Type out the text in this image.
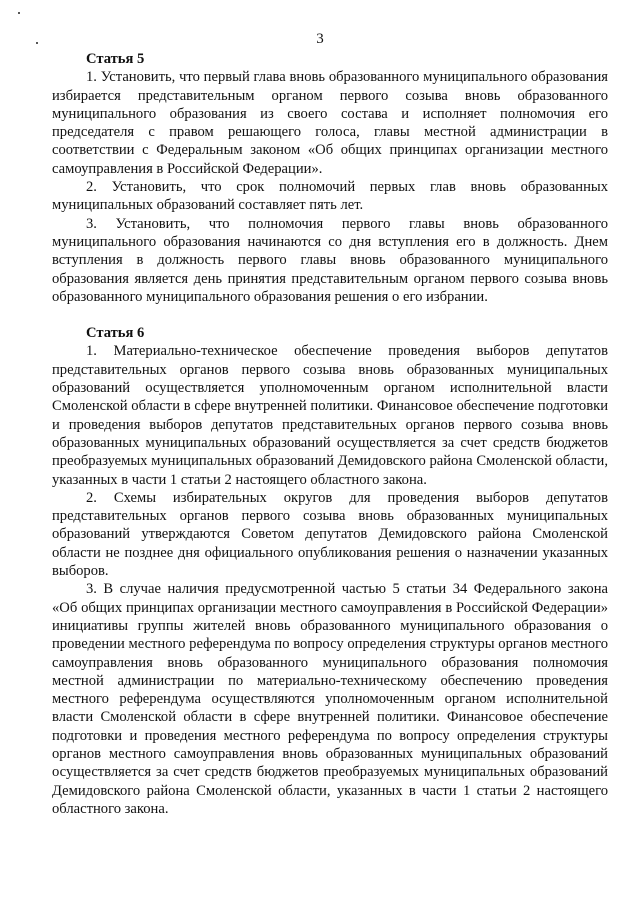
3

Статья 5

1. Установить, что первый глава вновь образованного муниципального образования избирается представительным органом первого созыва вновь образованного муниципального образования из своего состава и исполняет полномочия его председателя с правом решающего голоса, главы местной администрации в соответствии с Федеральным законом «Об общих принципах организации местного самоуправления в Российской Федерации».

2. Установить, что срок полномочий первых глав вновь образованных муниципальных образований составляет пять лет.

3. Установить, что полномочия первого главы вновь образованного муниципального образования начинаются со дня вступления его в должность. Днем вступления в должность первого главы вновь образованного муниципального образования является день принятия представительным органом первого созыва вновь образованного муниципального образования решения о его избрании.

Статья 6

1. Материально-техническое обеспечение проведения выборов депутатов представительных органов первого созыва вновь образованных муниципальных образований осуществляется уполномоченным органом исполнительной власти Смоленской области в сфере внутренней политики. Финансовое обеспечение подготовки и проведения выборов депутатов представительных органов первого созыва вновь образованных муниципальных образований осуществляется за счет средств бюджетов преобразуемых муниципальных образований Демидовского района Смоленской области, указанных в части 1 статьи 2 настоящего областного закона.

2. Схемы избирательных округов для проведения выборов депутатов представительных органов первого созыва вновь образованных муниципальных образований утверждаются Советом депутатов Демидовского района Смоленской области не позднее дня официального опубликования решения о назначении указанных выборов.

3. В случае наличия предусмотренной частью 5 статьи 34 Федерального закона «Об общих принципах организации местного самоуправления в Российской Федерации» инициативы группы жителей вновь образованного муниципального образования о проведении местного референдума по вопросу определения структуры органов местного самоуправления вновь образованного муниципального образования полномочия местной администрации по материально-техническому обеспечению проведения местного референдума осуществляются уполномоченным органом исполнительной власти Смоленской области в сфере внутренней политики. Финансовое обеспечение подготовки и проведения местного референдума по вопросу определения структуры органов местного самоуправления вновь образованных муниципальных образований осуществляется за счет средств бюджетов преобразуемых муниципальных образований Демидовского района Смоленской области, указанных в части 1 статьи 2 настоящего областного закона.
